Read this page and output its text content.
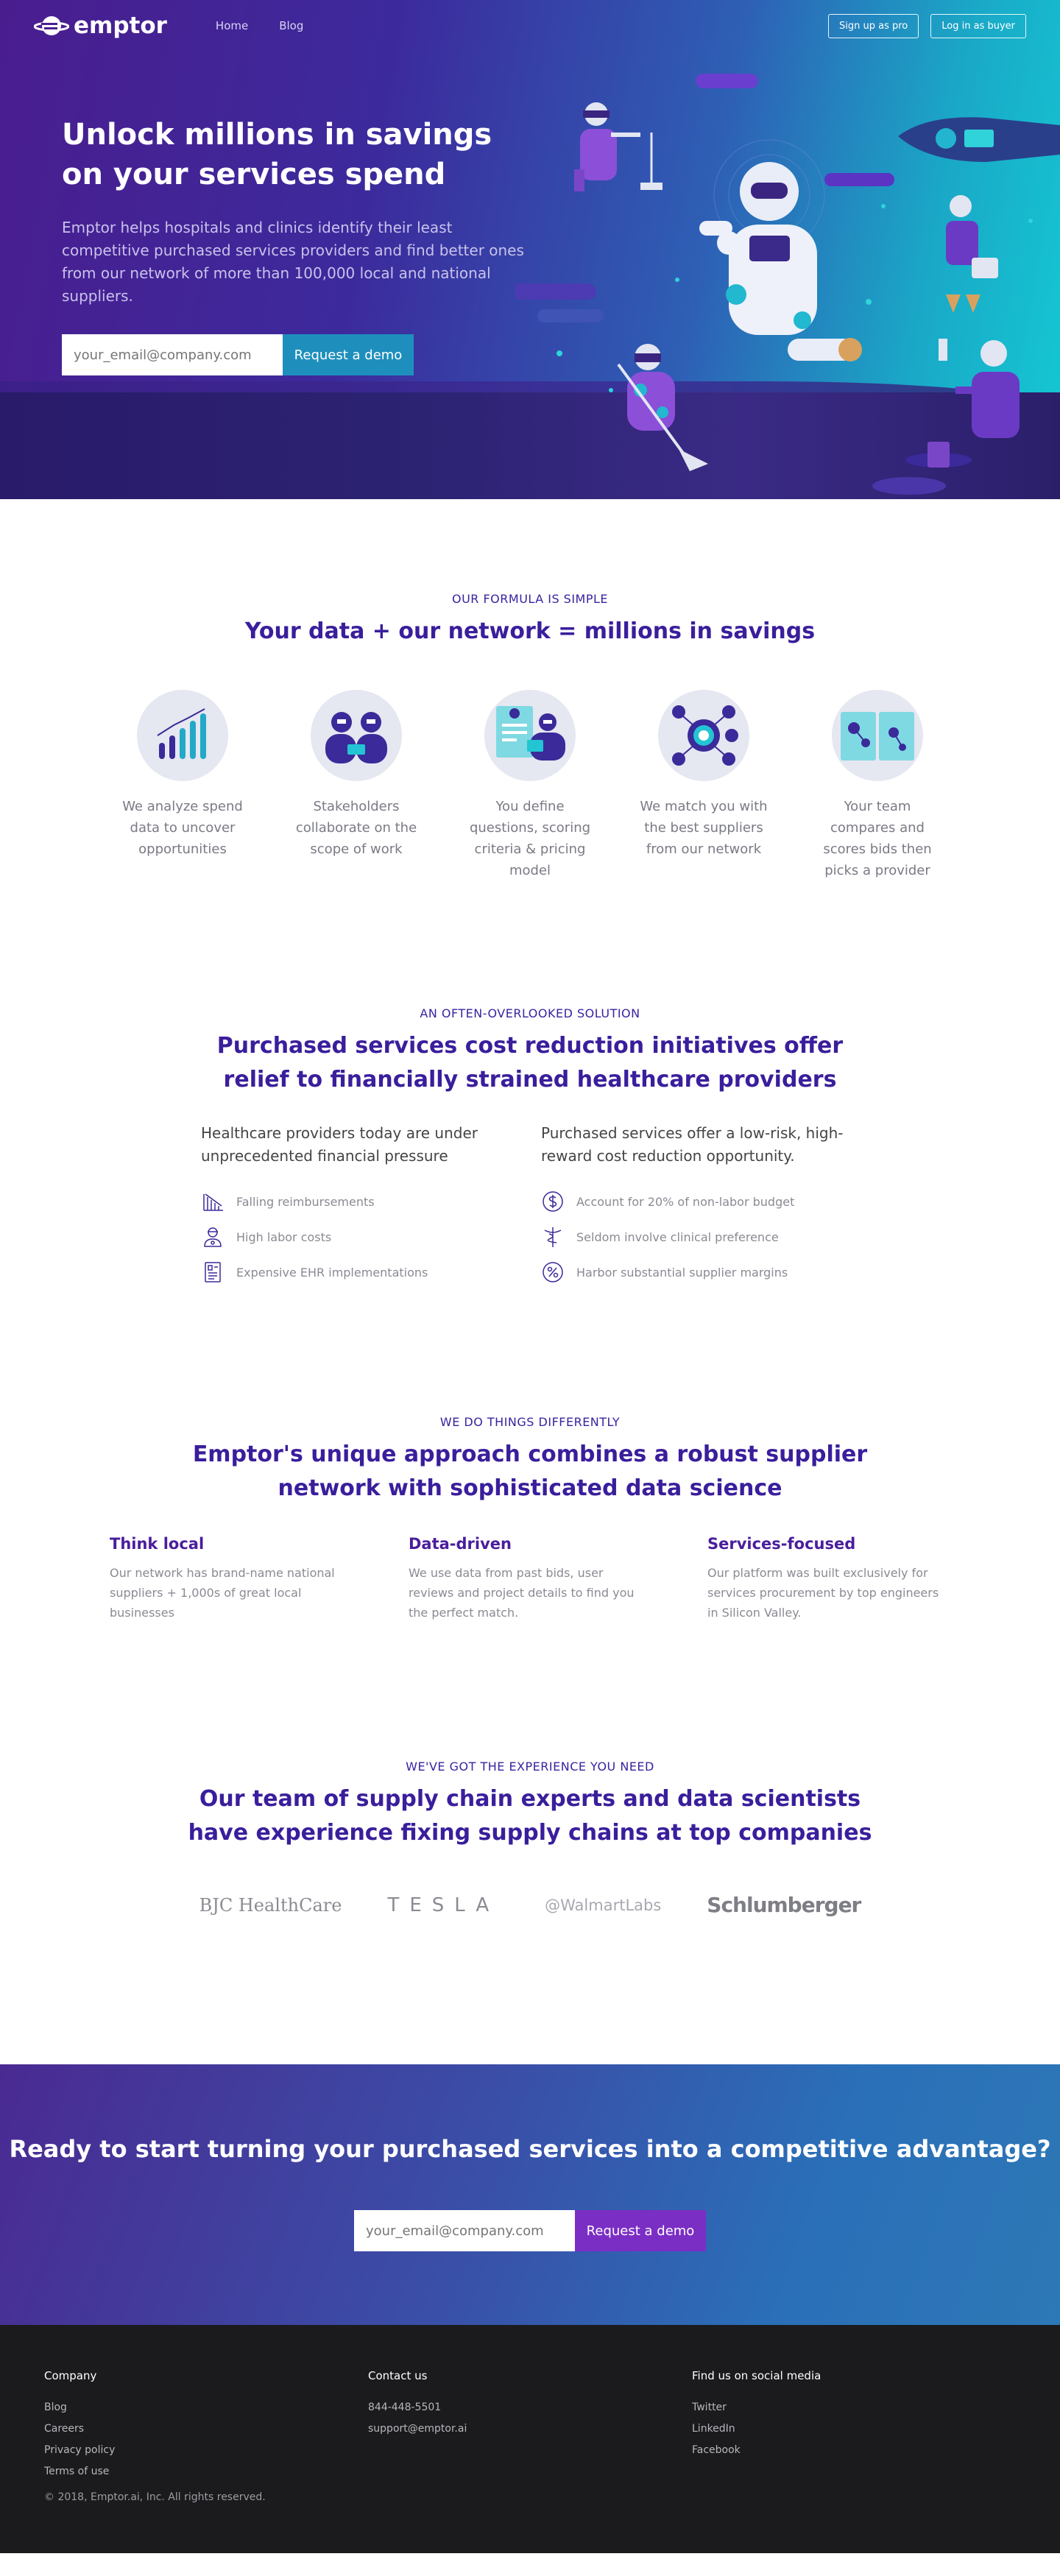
emptor	Home	Blog	Sign up as pro	Log in as buyer
Unlock millions in savings on your services spend

Emptor helps hospitals and clinics identify their least competitive purchased services providers and find better ones from our network of more than 100,000 local and national suppliers.

your_email@company.com
Request a demo
OUR FORMULA IS SIMPLE
Your data + our network = millions in savings

We analyze spend data to uncover opportunities

Stakeholders collaborate on the scope of work

You define questions, scoring criteria & pricing model

We match you with the best suppliers from our network

Your team compares and scores bids then picks a provider

AN OFTEN-OVERLOOKED SOLUTION
Purchased services cost reduction initiatives offer
relief to financially strained healthcare providers

Healthcare providers today are under unprecedented financial pressure

Falling reimbursements
High labor costs
Expensive EHR implementations

Purchased services offer a low-risk, high-reward cost reduction opportunity.

Account for 20% of non-labor budget
Seldom involve clinical preference
Harbor substantial supplier margins
WE DO THINGS DIFFERENTLY
Emptor's unique approach combines a robust supplier
network with sophisticated data science
Think local

Our network has brand-name national suppliers + 1,000s of great local businesses

Data-driven

We use data from past bids, user reviews and project details to find you the perfect match.

Services-focused

Our platform was built exclusively for services procurement by top engineers in Silicon Valley.

WE'VE GOT THE EXPERIENCE YOU NEED
Our team of supply chain experts and data scientists
have experience fixing supply chains at top companies
BJC HealthCare TESLA	@WalmartLabs Schlumberger
Ready to start turning your purchased services into a competitive advantage?
your_email@company.com
Request a demo
Company
Blog
Careers
Privacy policy
Terms of use
Contact us
844-448-5501
support@emptor.ai
Find us on social media
Twitter
LinkedIn
Facebook

© 2018, Emptor.ai, Inc. All rights reserved.
